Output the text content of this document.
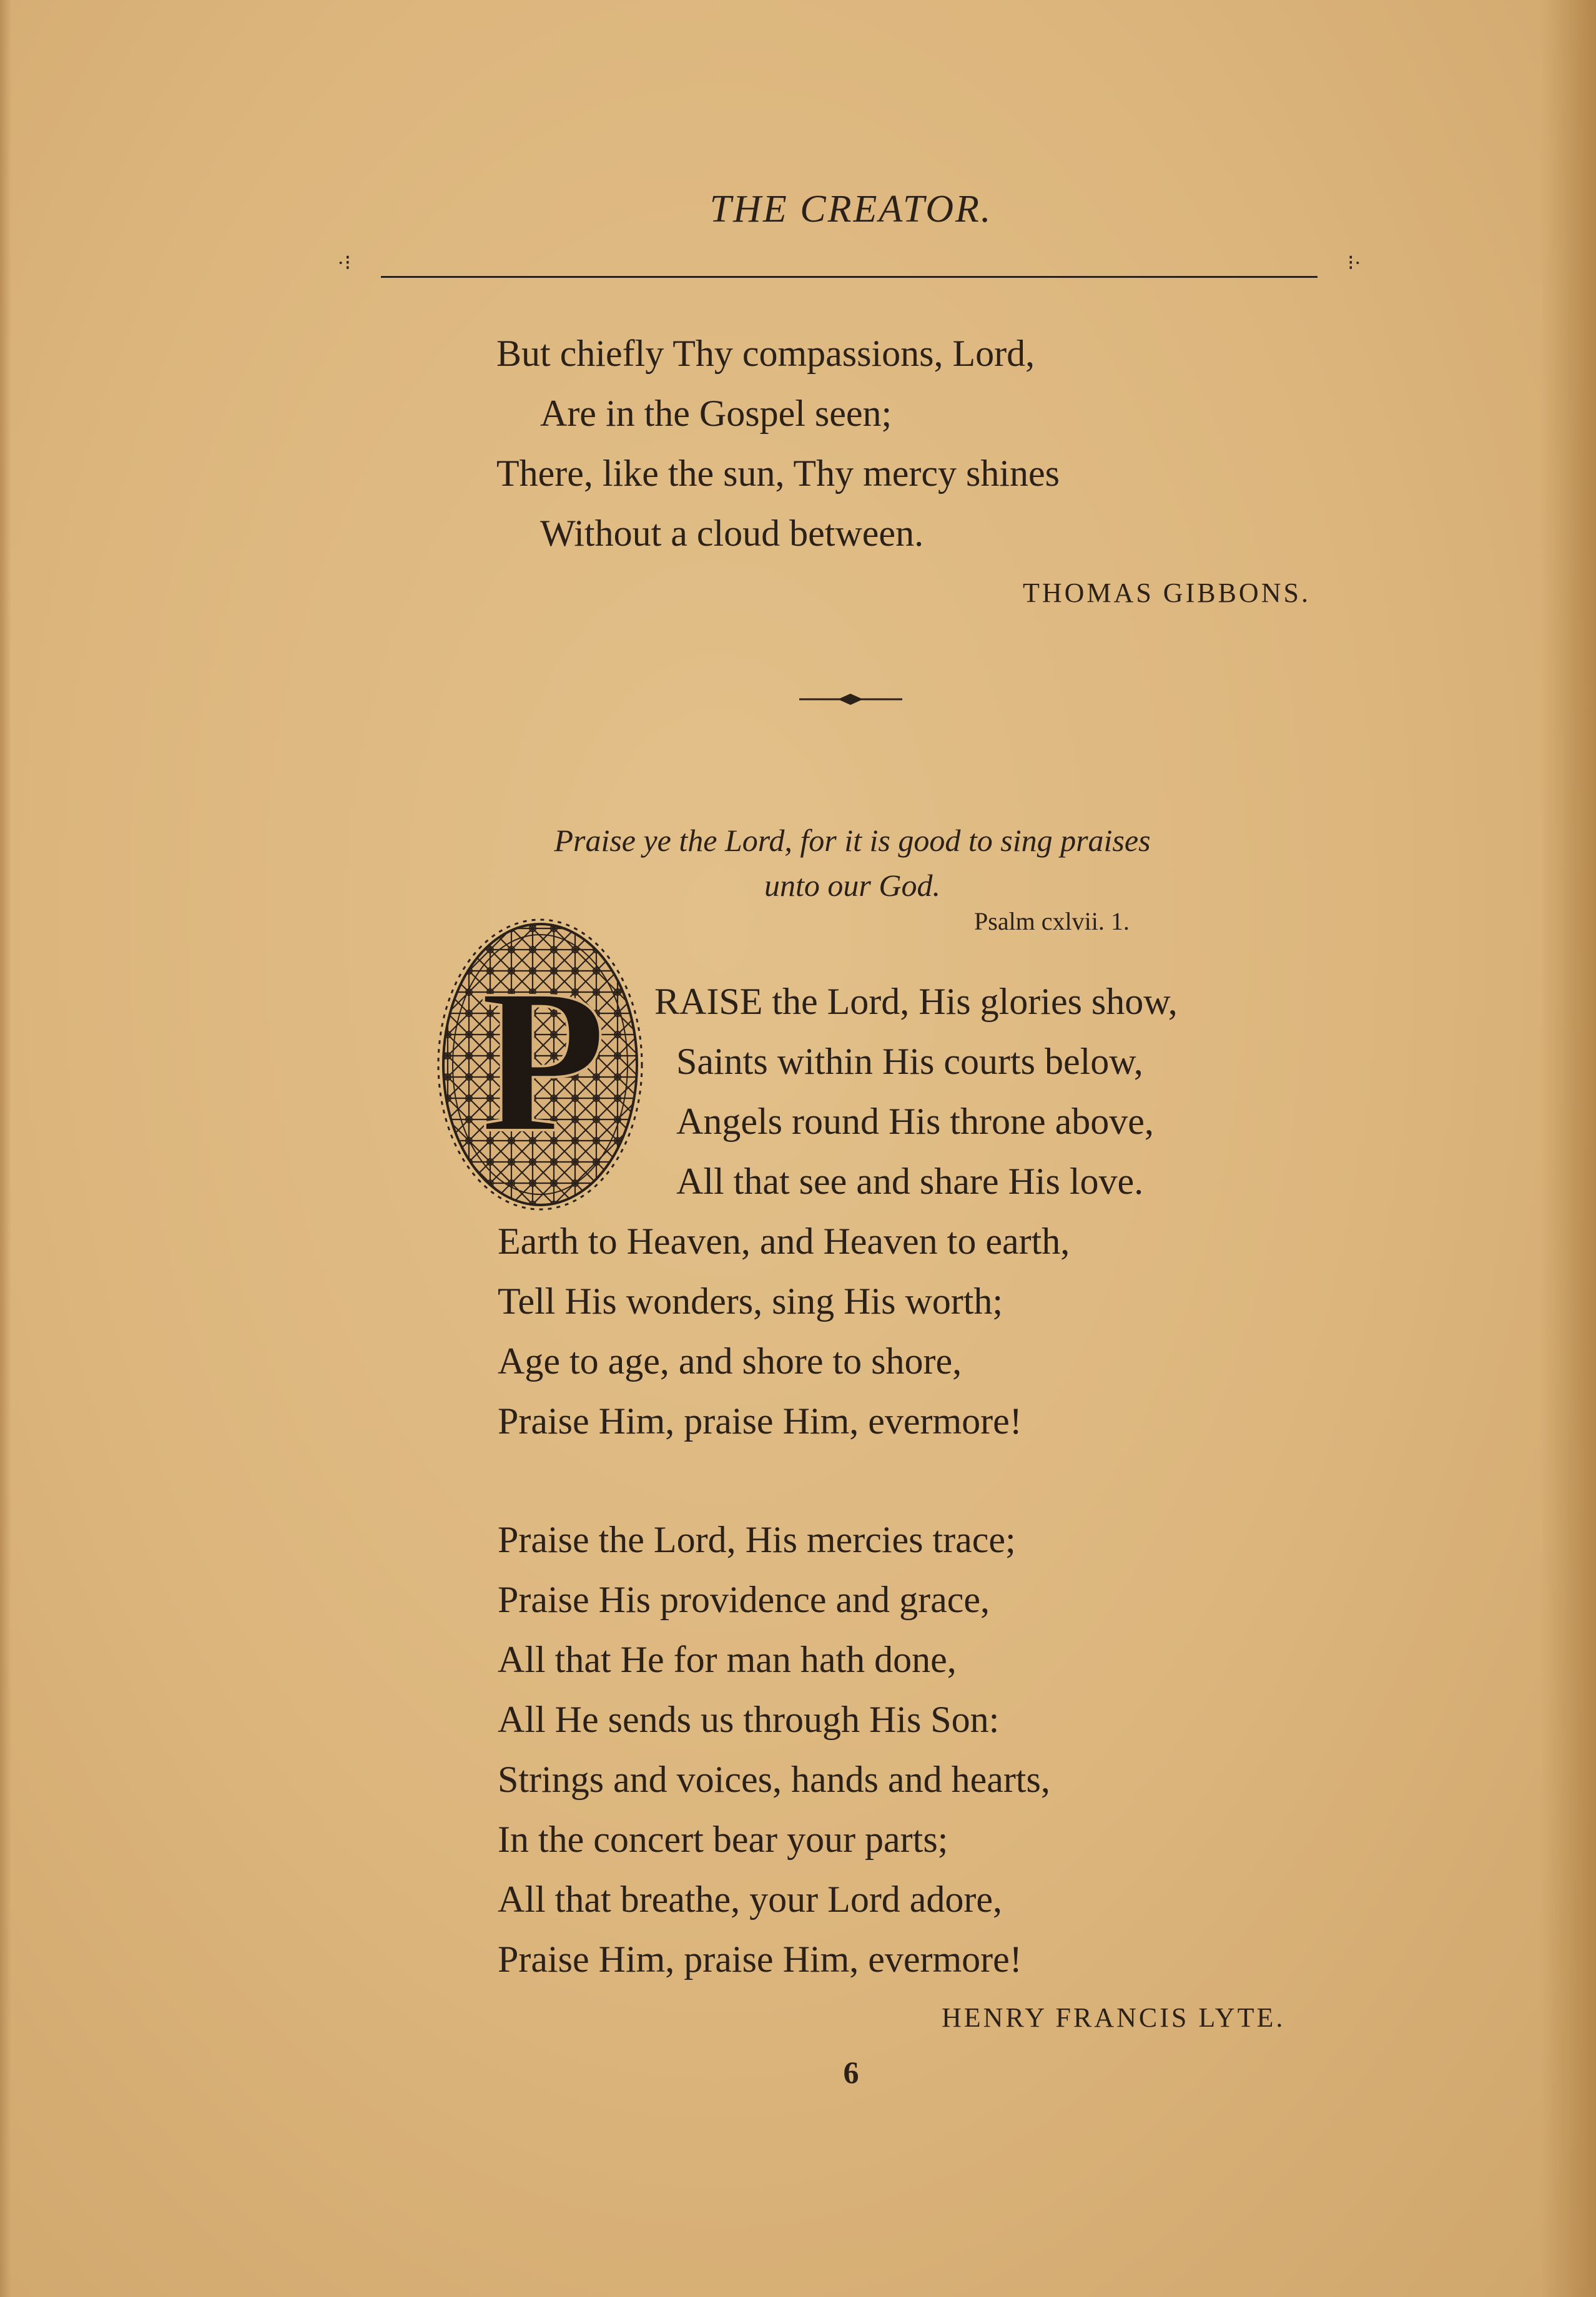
THE CREATOR.
·⁝	⁝·
But chiefly Thy compassions, Lord,
Are in the Gospel seen;
There, like the sun, Thy mercy shines
Without a cloud between.
THOMAS GIBBONS.
Praise ye the Lord, for it is good to sing praises
unto our God.
Psalm cxlvii. 1.
P RAISE the Lord, His glories show,
Saints within His courts below,
Angels round His throne above,
All that see and share His love.
Earth to Heaven, and Heaven to earth,
Tell His wonders, sing His worth;
Age to age, and shore to shore,
Praise Him, praise Him, evermore!
Praise the Lord, His mercies trace;
Praise His providence and grace,
All that He for man hath done,
All He sends us through His Son:
Strings and voices, hands and hearts,
In the concert bear your parts;
All that breathe, your Lord adore,
Praise Him, praise Him, evermore!
HENRY FRANCIS LYTE.
6
